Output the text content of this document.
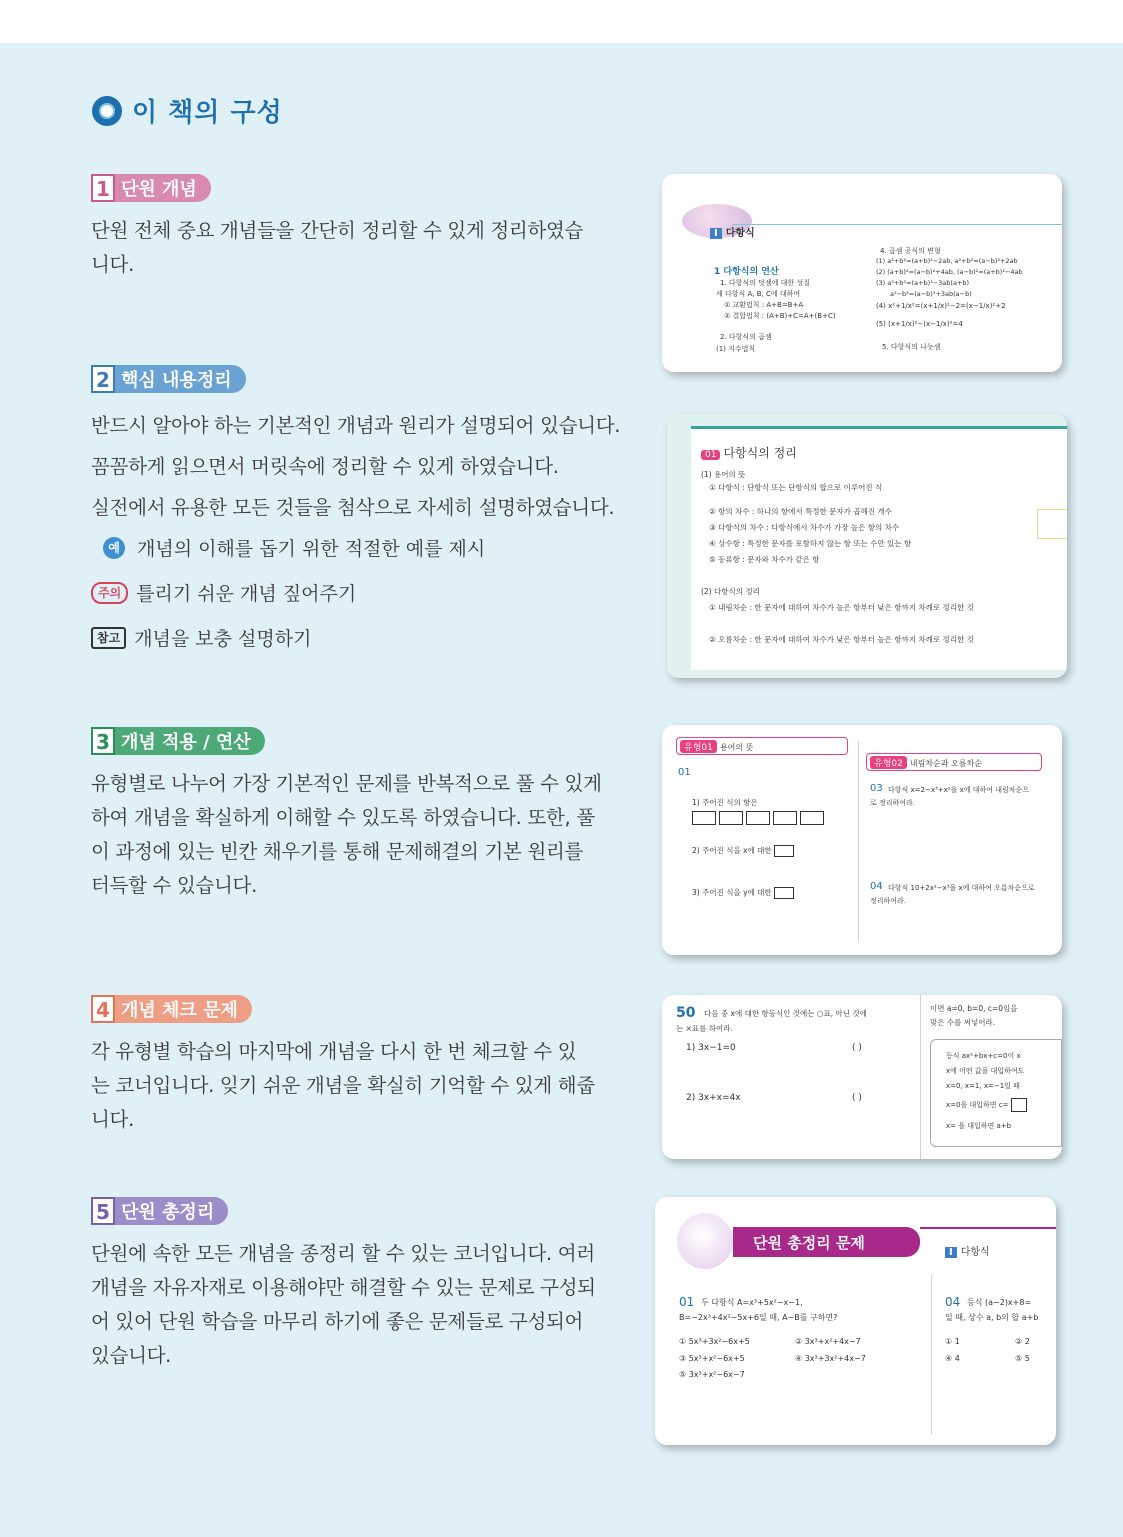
이 책의 구성
1 단원 개념
단원 전체 중요 개념들을 간단히 정리할 수 있게 정리하였습
니다.
2 핵심 내용정리
반드시 알아야 하는 기본적인 개념과 원리가 설명되어 있습니다.
꼼꼼하게 읽으면서 머릿속에 정리할 수 있게 하였습니다.
실전에서 유용한 모든 것들을 첨삭으로 자세히 설명하였습니다.
예 개념의 이해를 돕기 위한 적절한 예를 제시
주의 틀리기 쉬운 개념 짚어주기
참고 개념을 보충 설명하기
3 개념 적용 / 연산
유형별로 나누어 가장 기본적인 문제를 반복적으로 풀 수 있게
하여 개념을 확실하게 이해할 수 있도록 하였습니다. 또한, 풀
이 과정에 있는 빈칸 채우기를 통해 문제해결의 기본 원리를
터득할 수 있습니다.
4 개념 체크 문제
각 유형별 학습의 마지막에 개념을 다시 한 번 체크할 수 있
는 코너입니다. 잊기 쉬운 개념을 확실히 기억할 수 있게 해줍
니다.
5 단원 총정리
단원에 속한 모든 개념을 종정리 할 수 있는 코너입니다. 여러
개념을 자유자재로 이용해야만 해결할 수 있는 문제로 구성되
어 있어 단원 학습을 마무리 하기에 좋은 문제들로 구성되어
있습니다.
I 다항식
1 다항식의 연산
1. 다항식의 덧셈에 대한 성질
세 다항식 A, B, C에 대하여
① 교환법칙 : A+B=B+A
② 결합법칙 : (A+B)+C=A+(B+C)
2. 다항식의 곱셈
(1) 지수법칙
4. 곱셈 공식의 변형
(1) a²+b²=(a+b)²−2ab, a²+b²=(a−b)²+2ab
(2) (a+b)²=(a−b)²+4ab, (a−b)²=(a+b)²−4ab
(3) a³+b³=(a+b)³−3ab(a+b)
a³−b³=(a−b)³+3ab(a−b)
(4) x²+1/x²=(x+1/x)²−2=(x−1/x)²+2
(5) (x+1/x)²−(x−1/x)²=4
5. 다항식의 나눗셈
01 다항식의 정리
(1) 용어의 뜻
① 다항식 : 단항식 또는 단항식의 합으로 이루어진 식
② 항의 차수 : 하나의 항에서 특정한 문자가 곱해진 개수
③ 다항식의 차수 : 다항식에서 차수가 가장 높은 항의 차수
④ 상수항 : 특정한 문자를 포함하지 않는 항 또는 수만 있는 항
⑤ 동류항 : 문자와 차수가 같은 항
(2) 다항식의 정리
① 내림차순 : 한 문자에 대하여 차수가 높은 항부터 낮은 항까지 차례로 정리한 것
② 오름차순 : 한 문자에 대하여 차수가 낮은 항부터 높은 항까지 차례로 정리한 것
유형01 용어의 뜻
유형02 내림차순과 오름차순
01
1) 주어진 식의 항은
2) 주어진 식을 x에 대한
3) 주어진 식을 y에 대한
03 다항식 x=2−x³+x²을 x에 대하여 내림차순으
로 정리하여라.
04 다항식 10+2x²−x³을 x에 대하여 오름차순으로
정리하여라.
50 다음 중 x에 대한 항등식인 것에는 ○표, 아닌 것에
는 ×표를 하여라.
1) 3x−1=0	( )
2) 3x+x=4x	( )
이면 a=0, b=0, c=0임을
맞은 수를 써넣어라.
등식 ax²+bx+c=0이 x
x에 어떤 값을 대입하여도
x=0, x=1, x=−1일 때
x=0을 대입하면 c=
x= 을 대입하면 a+b
단원 총정리 문제
I 다항식
01 두 다항식 A=x³+5x²−x−1,
B=−2x³+4x²−5x+6일 때, A−B를 구하면?
① 5x³+3x²−6x+5	② 3x³+x²+4x−7
③ 5x³+x²−6x+5	④ 3x³+3x²+4x−7
⑤ 3x³+x²−6x−7
04 등식 (a−2)x+8=
일 때, 상수 a, b의 합 a+b
① 1	② 2
④ 4	⑤ 5
